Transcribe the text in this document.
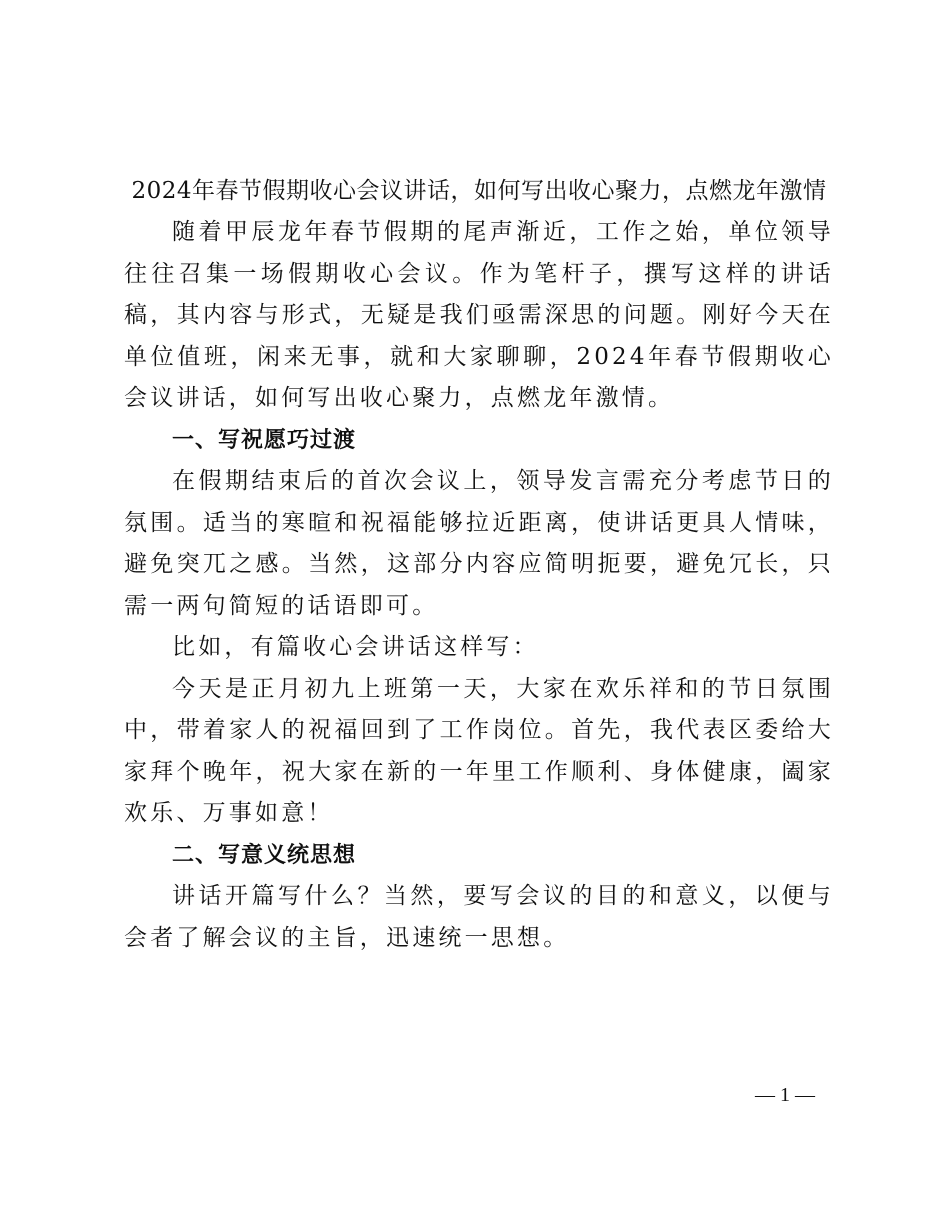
2024年春节假期收心会议讲话，如何写出收心聚力，点燃龙年激情

随着甲辰龙年春节假期的尾声渐近，工作之始，单位领导往往召集一场假期收心会议。作为笔杆子，撰写这样的讲话稿，其内容与形式，无疑是我们亟需深思的问题。刚好今天在单位值班，闲来无事，就和大家聊聊，2024年春节假期收心会议讲话，如何写出收心聚力，点燃龙年激情。

一、写祝愿巧过渡

在假期结束后的首次会议上，领导发言需充分考虑节日的氛围。适当的寒暄和祝福能够拉近距离，使讲话更具人情味，避免突兀之感。当然，这部分内容应简明扼要，避免冗长，只需一两句简短的话语即可。

比如，有篇收心会讲话这样写：

今天是正月初九上班第一天，大家在欢乐祥和的节日氛围中，带着家人的祝福回到了工作岗位。首先，我代表区委给大家拜个晚年，祝大家在新的一年里工作顺利、身体健康，阖家欢乐、万事如意！

二、写意义统思想

讲话开篇写什么？当然，要写会议的目的和意义，以便与会者了解会议的主旨，迅速统一思想。

— 1 —
